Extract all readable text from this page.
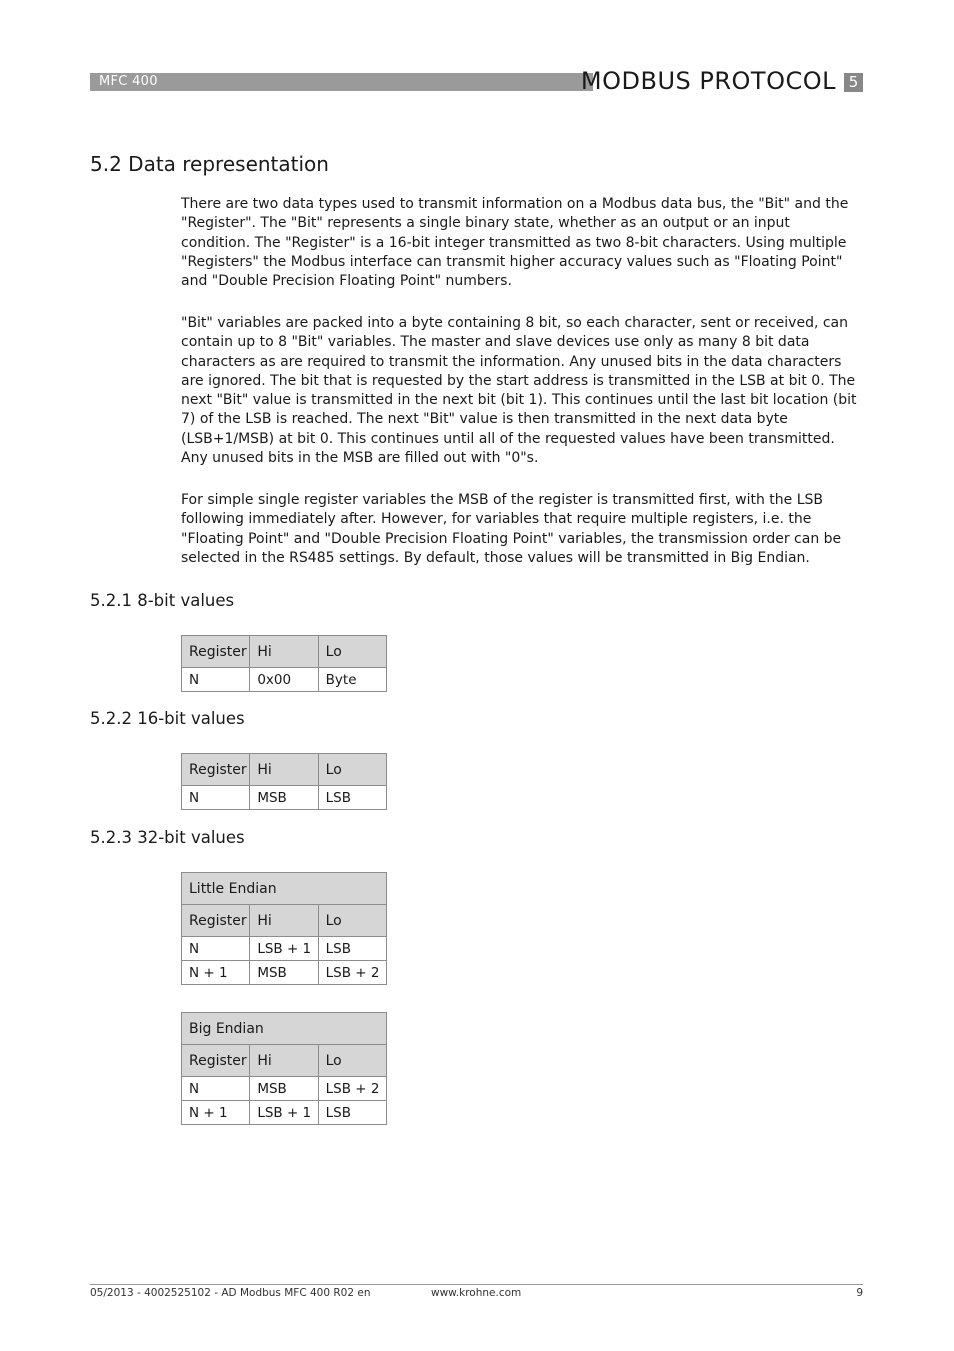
MFC 400	MODBUS PROTOCOL 5
5.2 Data representation

There are two data types used to transmit information on a Modbus data bus, the "Bit" and the "Register". The "Bit" represents a single binary state, whether as an output or an input condition. The "Register" is a 16-bit integer transmitted as two 8-bit characters. Using multiple "Registers" the Modbus interface can transmit higher accuracy values such as "Floating Point" and "Double Precision Floating Point" numbers.

"Bit" variables are packed into a byte containing 8 bit, so each character, sent or received, can contain up to 8 "Bit" variables. The master and slave devices use only as many 8 bit data characters as are required to transmit the information. Any unused bits in the data characters are ignored. The bit that is requested by the start address is transmitted in the LSB at bit 0. The next "Bit" value is transmitted in the next bit (bit 1). This continues until the last bit location (bit 7) of the LSB is reached. The next "Bit" value is then transmitted in the next data byte (LSB+1/MSB) at bit 0. This continues until all of the requested values have been transmitted. Any unused bits in the MSB are filled out with "0"s.

For simple single register variables the MSB of the register is transmitted first, with the LSB following immediately after. However, for variables that require multiple registers, i.e. the "Floating Point" and "Double Precision Floating Point" variables, the transmission order can be selected in the RS485 settings. By default, those values will be transmitted in Big Endian.

5.2.1 8-bit values
Register	Hi	Lo
N	0x00	Byte
5.2.2 16-bit values
Register	Hi	Lo
N	MSB	LSB
5.2.3 32-bit values
Little Endian		
Register	Hi	Lo
N	LSB + 1	LSB
N + 1	MSB	LSB + 2
Big Endian		
Register	Hi	Lo
N	MSB	LSB + 2
N + 1	LSB + 1	LSB
05/2013 - 4002525102 - AD Modbus MFC 400 R02 en	www.krohne.com	9
